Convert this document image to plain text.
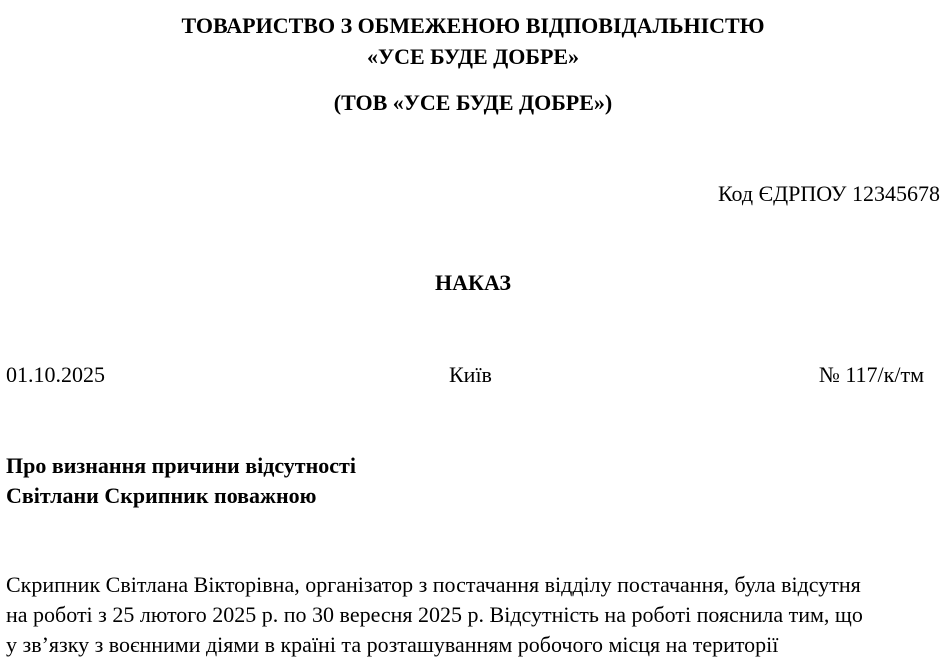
ТОВАРИСТВО З ОБМЕЖЕНОЮ ВІДПОВІДАЛЬНІСТЮ
«УСЕ БУДЕ ДОБРЕ»
(ТОВ «УСЕ БУДЕ ДОБРЕ»)
Код ЄДРПОУ 12345678
НАКАЗ
01.10.2025	Київ	№ 117/к/тм
Про визнання причини відсутності
Світлани Скрипник поважною
Скрипник Світлана Вікторівна, організатор з постачання відділу постачання, була відсутня
на роботі з 25 лютого 2025 р. по 30 вересня 2025 р. Відсутність на роботі пояснила тим, що
у зв’язку з воєнними діями в країні та розташуванням робочого місця на території
